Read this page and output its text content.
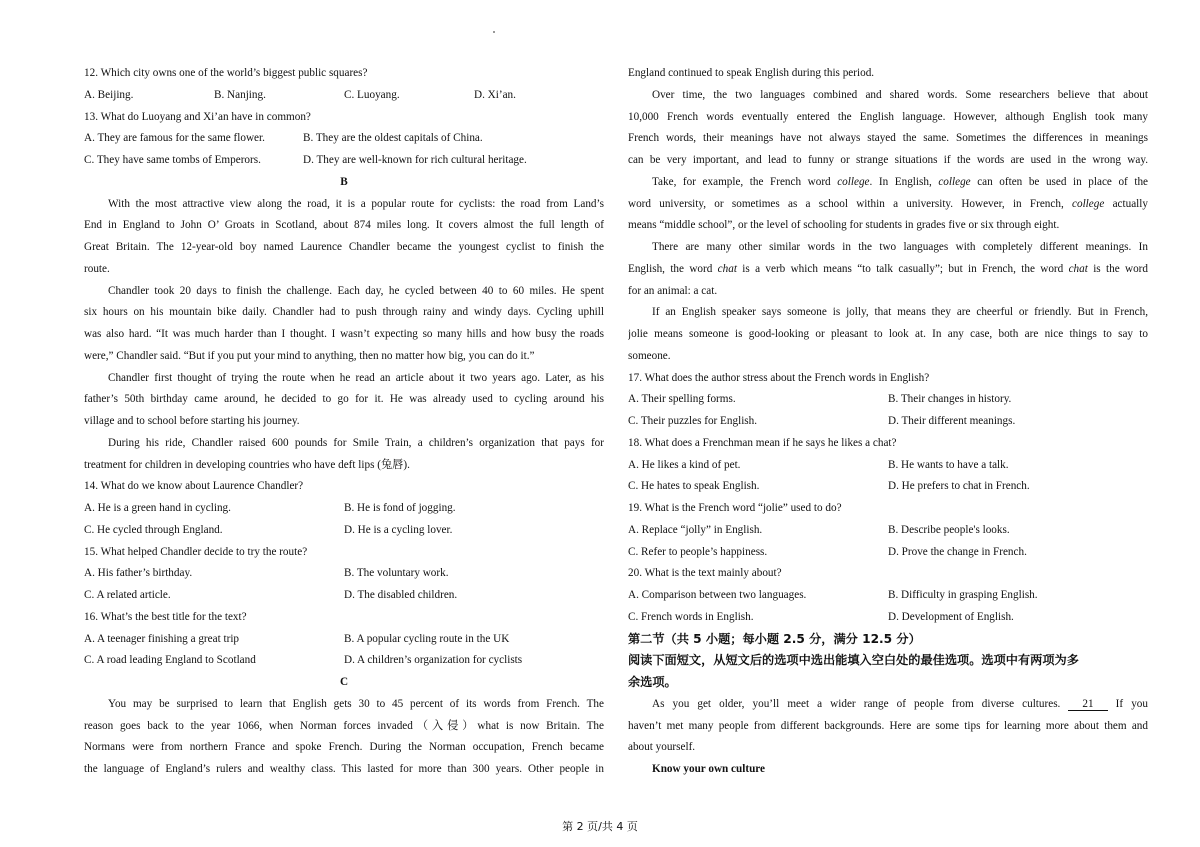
12. Which city owns one of the world’s biggest public squares?
A. Beijing.	B. Nanjing.	C. Luoyang.	D. Xi’an.
13. What do Luoyang and Xi’an have in common?
A. They are famous for the same flower.	B. They are the oldest capitals of China.
C. They have same tombs of Emperors.	D. They are well-known for rich cultural heritage.
B
With the most attractive view along the road, it is a popular route for cyclists: the road from Land’s
End in England to John O’ Groats in Scotland, about 874 miles long. It covers almost the full length of
Great Britain. The 12-year-old boy named Laurence Chandler became the youngest cyclist to finish the
route.
Chandler took 20 days to finish the challenge. Each day, he cycled between 40 to 60 miles. He spent
six hours on his mountain bike daily. Chandler had to push through rainy and windy days. Cycling uphill
was also hard. “It was much harder than I thought. I wasn’t expecting so many hills and how busy the roads
were,” Chandler said. “But if you put your mind to anything, then no matter how big, you can do it.”
Chandler first thought of trying the route when he read an article about it two years ago. Later, as his
father’s 50th birthday came around, he decided to go for it. He was already used to cycling around his
village and to school before starting his journey.
During his ride, Chandler raised 600 pounds for Smile Train, a children’s organization that pays for
treatment for children in developing countries who have deft lips (兔唇).
14. What do we know about Laurence Chandler?
A. He is a green hand in cycling.	B. He is fond of jogging.
C. He cycled through England.	D. He is a cycling lover.
15. What helped Chandler decide to try the route?
A. His father’s birthday.	B. The voluntary work.
C. A related article.	D. The disabled children.
16. What’s the best title for the text?
A. A teenager finishing a great trip	B. A popular cycling route in the UK
C. A road leading England to Scotland	D. A children’s organization for cyclists
C
You may be surprised to learn that English gets 30 to 45 percent of its words from French. The
reason goes back to the year 1066, when Norman forces invaded（入侵）what is now Britain. The
Normans were from northern France and spoke French. During the Norman occupation, French became
the language of England’s rulers and wealthy class. This lasted for more than 300 years. Other people in
England continued to speak English during this period.
Over time, the two languages combined and shared words. Some researchers believe that about
10,000 French words eventually entered the English language. However, although English took many
French words, their meanings have not always stayed the same. Sometimes the differences in meanings
can be very important, and lead to funny or strange situations if the words are used in the wrong way.
Take, for example, the French word college. In English, college can often be used in place of the
word university, or sometimes as a school within a university. However, in French, college actually
means “middle school”, or the level of schooling for students in grades five or six through eight.
There are many other similar words in the two languages with completely different meanings. In
English, the word chat is a verb which means “to talk casually”; but in French, the word chat is the word
for an animal: a cat.
If an English speaker says someone is jolly, that means they are cheerful or friendly. But in French,
jolie means someone is good-looking or pleasant to look at. In any case, both are nice things to say to
someone.
17. What does the author stress about the French words in English?
A. Their spelling forms.	B. Their changes in history.
C. Their puzzles for English.	D. Their different meanings.
18. What does a Frenchman mean if he says he likes a chat?
A. He likes a kind of pet.	B. He wants to have a talk.
C. He hates to speak English.	D. He prefers to chat in French.
19. What is the French word “jolie” used to do?
A. Replace “jolly” in English.	B. Describe people's looks.
C. Refer to people’s happiness.	D. Prove the change in French.
20. What is the text mainly about?
A. Comparison between two languages.	B. Difficulty in grasping English.
C. French words in English.	D. Development of English.
第二节（共 5 小题；每小题 2.5 分，满分 12.5 分）
阅读下面短文，从短文后的选项中选出能填入空白处的最佳选项。选项中有两项为多
余选项。
As you get older, you’ll meet a wider range of people from diverse cultures. 21 If you
haven’t met many people from different backgrounds. Here are some tips for learning more about them and
about yourself.
Know your own culture
第 2 页/共 4 页
